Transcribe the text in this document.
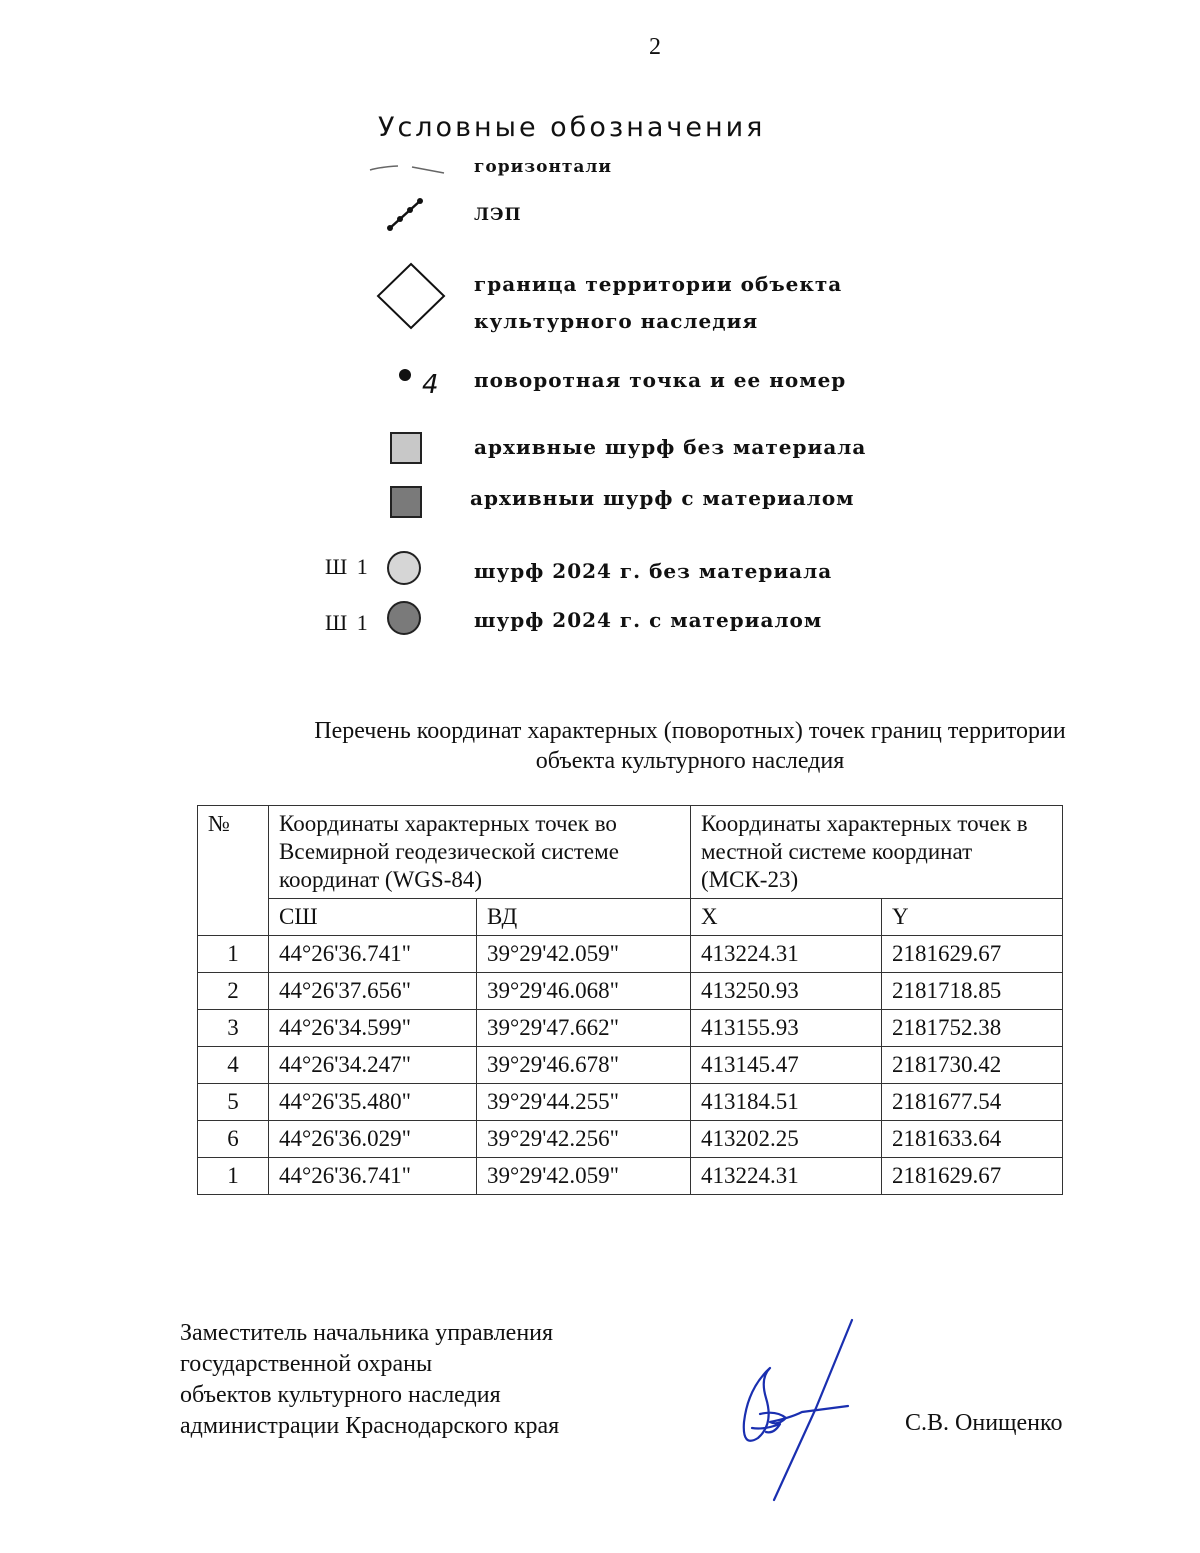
2
Условные обозначения
горизонтали
ЛЭП
граница территории объекта культурного наследия
4 поворотная точка и ее номер
архивные шурф без материала
архивныи шурф с материалом
Ш 1	шурф 2024 г. без материала
Ш 1	шурф 2024 г. с материалом
Перечень координат характерных (поворотных) точек границ территории
объекта культурного наследия
№	Координаты характерных точек во Всемирной геодезической системе координат (WGS-84)		Координаты характерных точек в местной системе координат (МСК-23)	
	СШ	ВД	X	Y
1	44°26'36.741"	39°29'42.059"	413224.31	2181629.67
2	44°26'37.656"	39°29'46.068"	413250.93	2181718.85
3	44°26'34.599"	39°29'47.662"	413155.93	2181752.38
4	44°26'34.247"	39°29'46.678"	413145.47	2181730.42
5	44°26'35.480"	39°29'44.255"	413184.51	2181677.54
6	44°26'36.029"	39°29'42.256"	413202.25	2181633.64
1	44°26'36.741"	39°29'42.059"	413224.31	2181629.67
Заместитель начальника управления
государственной охраны
объектов культурного наследия
администрации Краснодарского края	С.В. Онищенко
